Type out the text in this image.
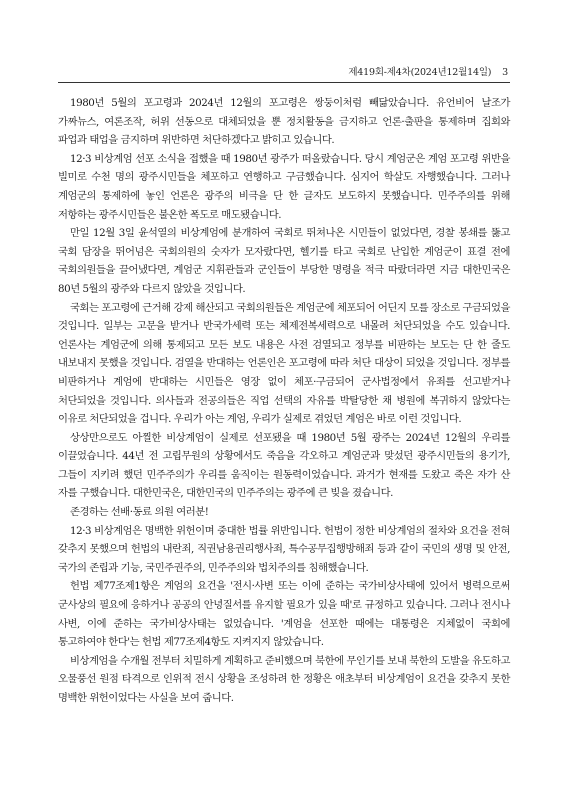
제419회-제4차(2024년12월14일) 3

1980년 5월의 포고령과 2024년 12월의 포고령은 쌍둥이처럼 빼닮았습니다. 유언비어 날조가 가짜뉴스, 여론조작, 허위 선동으로 대체되었을 뿐 정치활동을 금지하고 언론·출판을 통제하며 집회와 파업과 태업을 금지하며 위반하면 처단하겠다고 밝히고 있습니다.

12·3 비상계엄 선포 소식을 접했을 때 1980년 광주가 떠올랐습니다. 당시 계엄군은 계엄 포고령 위반을 빌미로 수천 명의 광주시민들을 체포하고 연행하고 구금했습니다. 심지어 학살도 자행했습니다. 그러나 계엄군의 통제하에 놓인 언론은 광주의 비극을 단 한 글자도 보도하지 못했습니다. 민주주의를 위해 저항하는 광주시민들은 불온한 폭도로 매도됐습니다.

만일 12월 3일 윤석열의 비상계엄에 분개하여 국회로 뛰쳐나온 시민들이 없었다면, 경찰 봉쇄를 뚫고 국회 담장을 뛰어넘은 국회의원의 숫자가 모자랐다면, 헬기를 타고 국회로 난입한 계엄군이 표결 전에 국회의원들을 끌어냈다면, 계엄군 지휘관들과 군인들이 부당한 명령을 적극 따랐더라면 지금 대한민국은 80년 5월의 광주와 다르지 않았을 것입니다.

국회는 포고령에 근거해 강제 해산되고 국회의원들은 계엄군에 체포되어 어딘지 모를 장소로 구금되었을 것입니다. 일부는 고문을 받거나 반국가세력 또는 체제전복세력으로 내몰려 처단되었을 수도 있습니다. 언론사는 계엄군에 의해 통제되고 모든 보도 내용은 사전 검열되고 정부를 비판하는 보도는 단 한 줄도 내보내지 못했을 것입니다. 검열을 반대하는 언론인은 포고령에 따라 처단 대상이 되었을 것입니다. 정부를 비판하거나 계엄에 반대하는 시민들은 영장 없이 체포·구금되어 군사법정에서 유죄를 선고받거나 처단되었을 것입니다. 의사들과 전공의들은 직업 선택의 자유를 박탈당한 채 병원에 복귀하지 않았다는 이유로 처단되었을 겁니다. 우리가 아는 계엄, 우리가 실제로 겪었던 계엄은 바로 이런 것입니다.

상상만으로도 아찔한 비상계엄이 실제로 선포됐을 때 1980년 5월 광주는 2024년 12월의 우리를 이끌었습니다. 44년 전 고립무원의 상황에서도 죽음을 각오하고 계엄군과 맞섰던 광주시민들의 용기가, 그들이 지키려 했던 민주주의가 우리를 움직이는 원동력이었습니다. 과거가 현재를 도왔고 죽은 자가 산 자를 구했습니다. 대한민국은, 대한민국의 민주주의는 광주에 큰 빚을 졌습니다.

존경하는 선배·동료 의원 여러분!

12·3 비상계엄은 명백한 위헌이며 중대한 법률 위반입니다. 헌법이 정한 비상계엄의 절차와 요건을 전혀 갖추지 못했으며 헌법의 내란죄, 직권남용권리행사죄, 특수공무집행방해죄 등과 같이 국민의 생명 및 안전, 국가의 존립과 기능, 국민주권주의, 민주주의와 법치주의를 침해했습니다.

헌법 제77조제1항은 계엄의 요건을 '전시·사변 또는 이에 준하는 국가비상사태에 있어서 병력으로써 군사상의 필요에 응하거나 공공의 안녕질서를 유지할 필요가 있을 때'로 규정하고 있습니다. 그러나 전시나 사변, 이에 준하는 국가비상사태는 없었습니다. '계엄을 선포한 때에는 대통령은 지체없이 국회에 통고하여야 한다'는 헌법 제77조제4항도 지켜지지 않았습니다.

비상계엄을 수개월 전부터 치밀하게 계획하고 준비했으며 북한에 무인기를 보내 북한의 도발을 유도하고 오물풍선 원점 타격으로 인위적 전시 상황을 조성하려 한 정황은 애초부터 비상계엄이 요건을 갖추지 못한 명백한 위헌이었다는 사실을 보여 줍니다.
